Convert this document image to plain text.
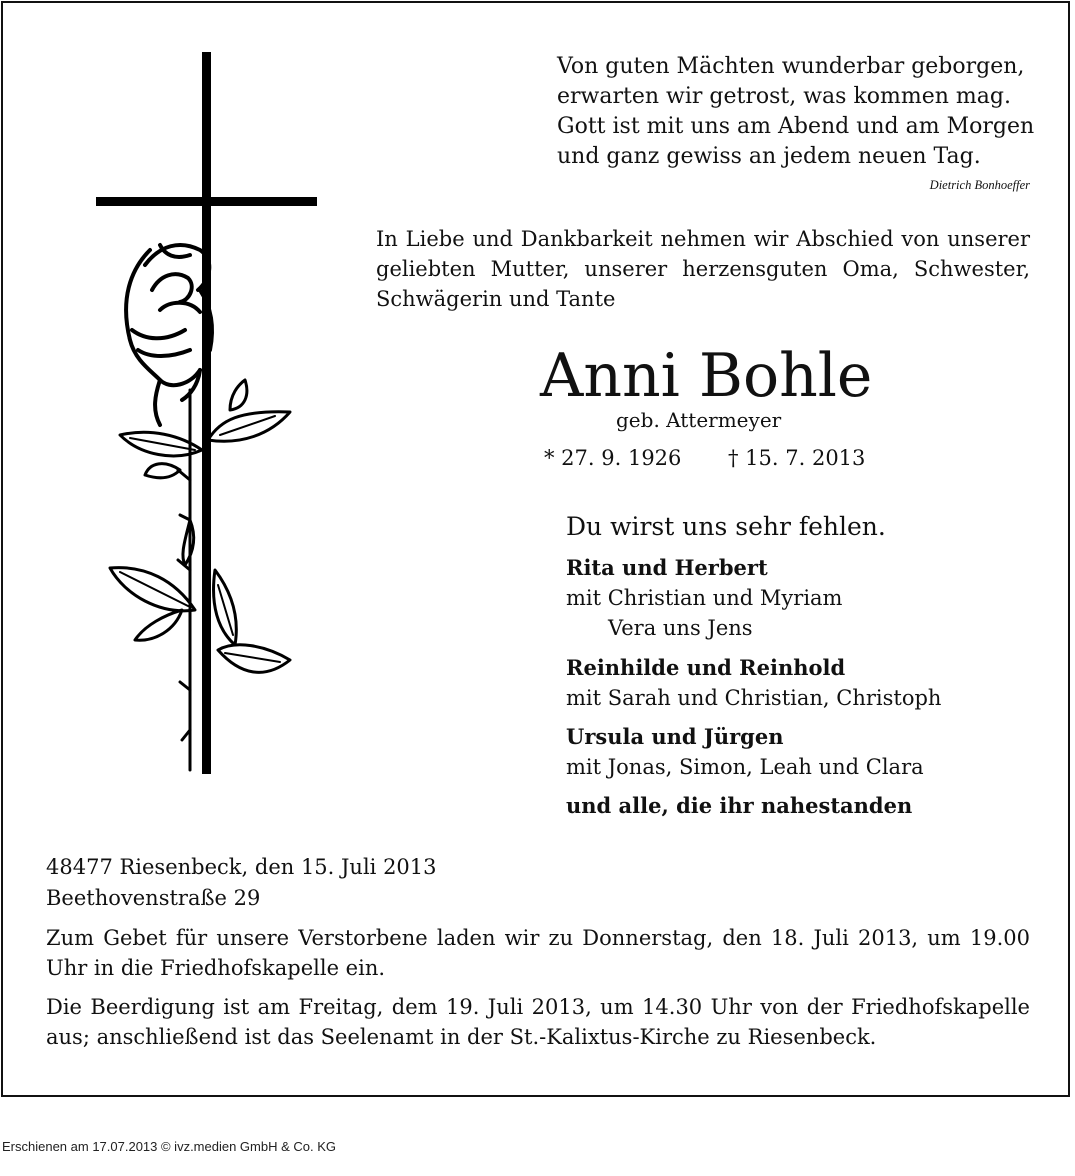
Von guten Mächten wunderbar geborgen,
erwarten wir getrost, was kommen mag.
Gott ist mit uns am Abend und am Morgen
und ganz gewiss an jedem neuen Tag.
Dietrich Bonhoeffer
In Liebe und Dankbarkeit nehmen wir Abschied von unserer geliebten Mutter, unserer herzensguten Oma, Schwester, Schwägerin und Tante
Anni Bohle
geb. Attermeyer
* 27. 9. 1926 † 15. 7. 2013
Du wirst uns sehr fehlen.
Rita und Herbert
mit Christian und Myriam
Vera uns Jens
Reinhilde und Reinhold
mit Sarah und Christian, Christoph
Ursula und Jürgen
mit Jonas, Simon, Leah und Clara
und alle, die ihr nahestanden
48477 Riesenbeck, den 15. Juli 2013
Beethovenstraße 29
Zum Gebet für unsere Verstorbene laden wir zu Donnerstag, den 18. Juli 2013, um 19.00 Uhr in die Friedhofskapelle ein.
Die Beerdigung ist am Freitag, dem 19. Juli 2013, um 14.30 Uhr von der Friedhofskapelle aus; anschließend ist das Seelenamt in der St.-Kalixtus-Kirche zu Riesenbeck.
Erschienen am 17.07.2013 © ivz.medien GmbH & Co. KG
